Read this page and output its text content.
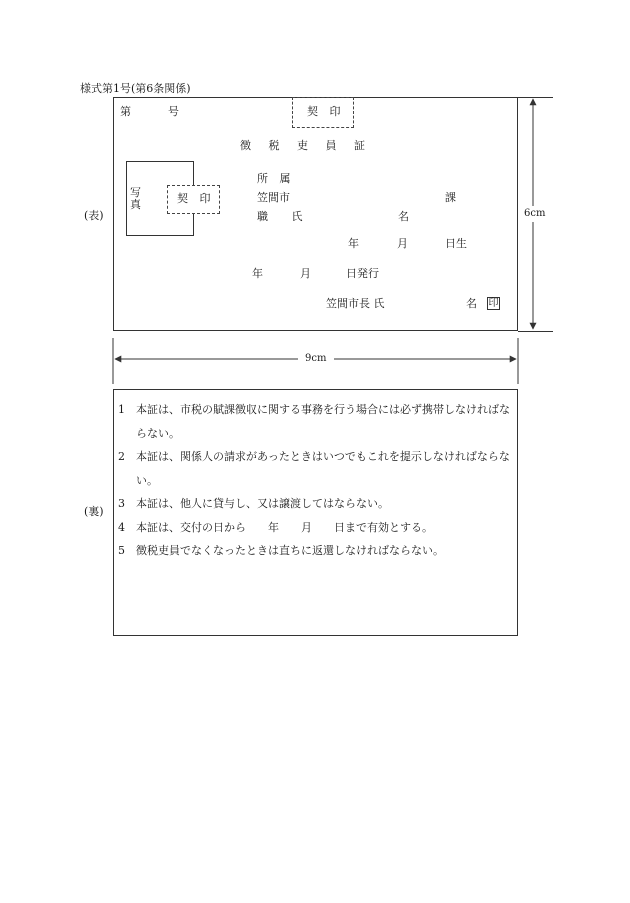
様式第1号(第6条関係)
(表)
第	号	契 印
徴 税 吏 員 証
写真	契 印
所 属
笠間市	課
職 氏	名
年	月	日生
年	月	日発行
笠間市長 氏	名 印
6cm
9cm
(裏)
1	本証は、市税の賦課徴収に関する事務を行う場合には必ず携帯しなければならない。
2	本証は、関係人の請求があったときはいつでもこれを提示しなければならない。
3	本証は、他人に貸与し、又は譲渡してはならない。
4	本証は、交付の日から　　年　　月　　日まで有効とする。
5	徴税吏員でなくなったときは直ちに返還しなければならない。
